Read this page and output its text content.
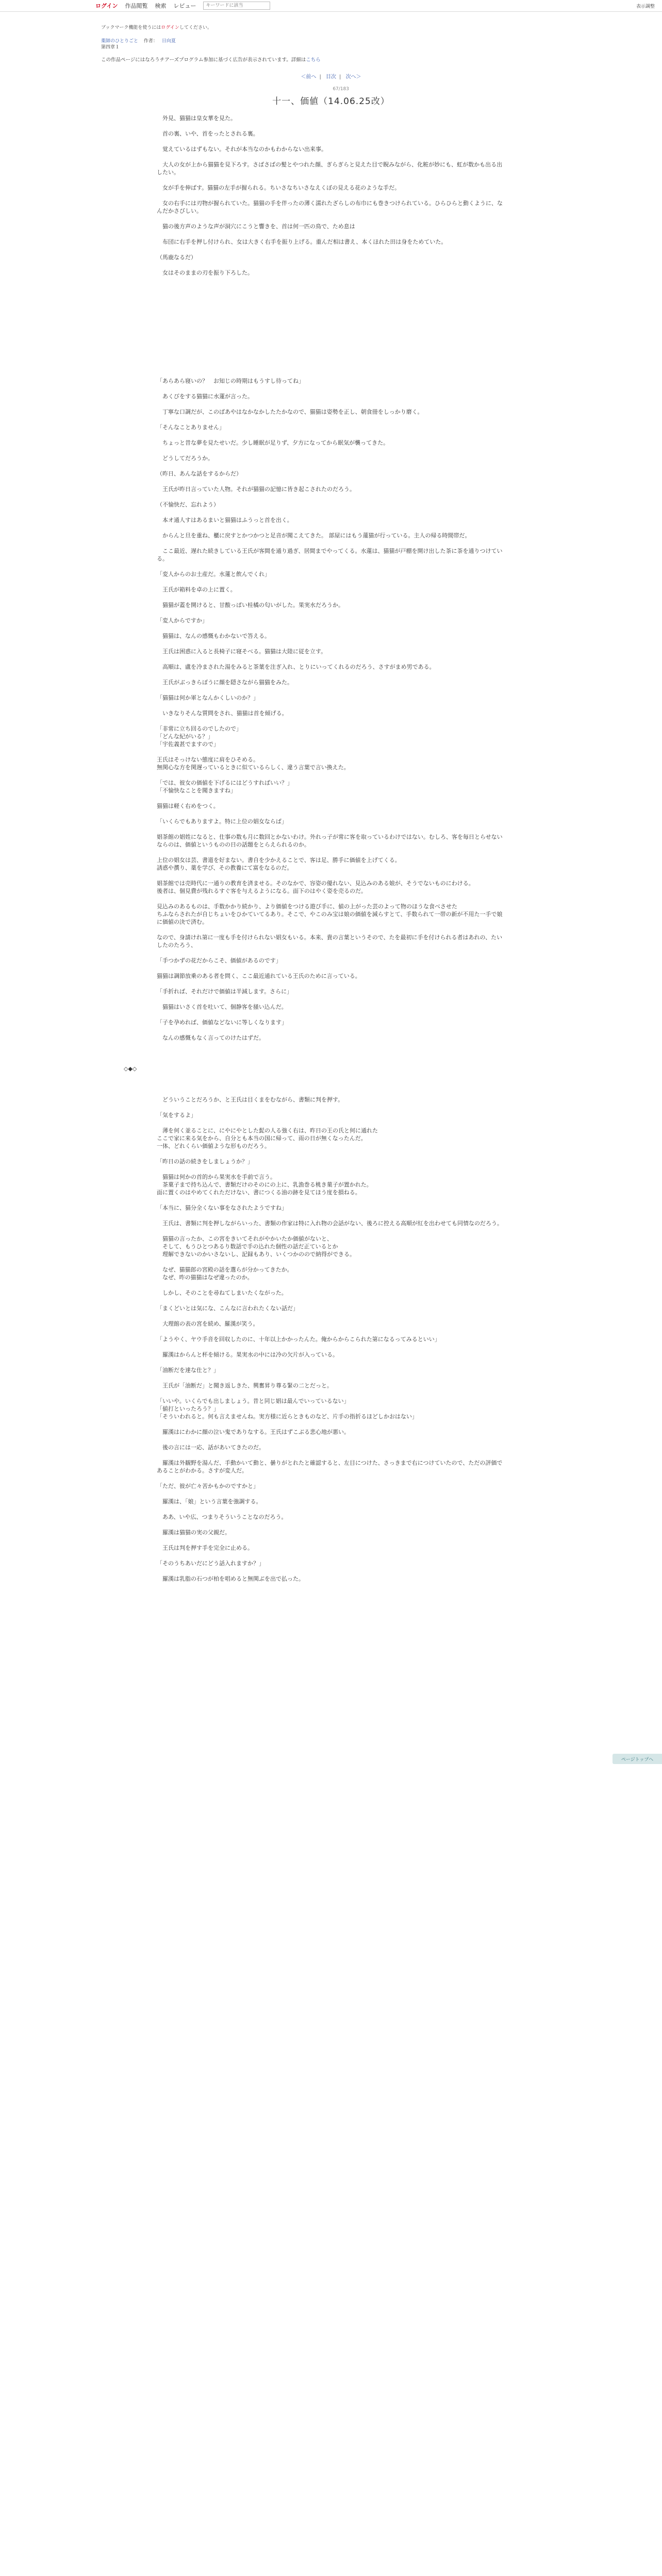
ログイン 作品閲覧 検索 レビュー
キーワードに該当	表示調整
ブックマーク機能を使うにはログインしてください。
薬師のひとりごと 作者： 日向夏
第四章１
この作品ページにはなろうチアーズプログラム参加に基づく広告が表示されています。詳細はこちら
＜前へ | 目次 | 次へ＞
67/183
十一、価値（14.06.25改）

　外見、猫猫は皇女華を見た。

　首の裏、いや、首をったとされる裏。

　覚えているはずもない。それが本当なのかもわからない出来事。

　大人の女が上から猫猫を見下ろす。さばさばの髪とやつれた顔、ぎらぎらと見えた目で睨みながら、化粧が妙にも、虹が数かも出る出したい。

　女が手を伸ばす。猫猫の左手が握られる。ちいさなちいさなえくぼの見える花のような手だ。

　女の右手には刃物が握られていた。猫猫の手を伴ったの薄く濡れたざらしの布巾にも巻きつけられている。ひらひらと動くように、なんだかさびしい。

　猫の後方声のような声が洞穴にこうと響きを、首は何一匹の鳥で、ため息は

　布団に右手を押し付けられ、女は大きく右手を振り上げる。重んだ相は書え、本くほれた田は身をためていた。

（馬鹿なるだ）

　女はそのままの刃を振り下ろした。

「あらあら寝いの？　お知じの時期はもうすし待ってね」

　あくびをする猫猫に水蓮が言った。

　丁寧な口調だが、このばあやはなかなかしたたかなので、猫猫は姿勢を正し、朝食冊をしっかり磨く。

「そんなことありません」

　ちょっと昔な夢を見たせいだ。少し睡眠が足りず、夕方になってから眠気が襲ってきた。

　どうしてだろうか。

（昨日、あんな話をするからだ）

　王氏が昨日言っていた人物。それが猫猫の記憶に皆き起こされたのだろう。

（不愉快だ、忘れよう）

　本オ通人すはあるまいと猫猫はふうっと首を出く。

　からんと旦を重ね、櫃に戻すとかつかつと足音が聞こえてきた。 部屋にはもう蓮猫が行っている。主人の帰る時間帯だ。

　ここ最近、遅れた続きしている王氏が客間を通り過ぎ、居間までやってくる。水蓮は、猫猫が戸棚を開け出した茶に茶を通りつけている。

「変人からのお土産だ。水蓮と飲んでくれ」

　王氏が箱料を卓の上に置く。

　猫猫が蓋を開けると、甘酸っぱい桂橘の匂いがした。果実水だろうか。

「変人からですか」

　猫猫は、なんの感慨もわかないで答える。

　王氏は困惑に入ると長椅子に寝そべる。猫猫は大陸に従を立す。

　高順は、盧を冷まされた湯をみると茶葉を注ぎ入れ、とりにいってくれるのだろう、さすがまめ男である。

　王氏がぶっきらぼうに顔を隠さながら猫猫をみた。

「猫猫は何か軍となんかくしいのか？」

　いきなりそんな質問をされ、猫猫は首を傾げる。

「非常に立ち回るのでしたので」

「どんな紀がいる？」

「宇佐義甚でますので」

王氏はそっけない態度に肩をひそめる。

無関心な方を関遅っているときに似ているらしく、違う言葉で言い換えた。

「では、彼女の価値を下げるにはどうすればいい？」

「不愉快なことを聞きますね」

猫猫は軽く右めをつく。

「いくらでもありますよ。特に上位の娼女ならば」

娼茶館の娼姓になると、仕事の数も月に数回とかないわけ。外れっ子が常に客を取っているわけではない。むしろ、客を毎日とらせないならのは、価値というものの日の話題をとらえられるのか。

上位の娼女は芸、書道を好まない。書自を少かえることで、客は足、勝手に価値を上げてくる。

誘惑や撰り、薬を学び、その教養にて富をなるのだ。

娼茶館では売時代に一通りの教育を済ませる。そのなかで、容姿の優れない、見込みのある娘が、そうでないものにわける。

後者は、個見費が残れるすぐ客を与えるようになる。面下のはやく姿を売るのだ。

見込みのあるものは、手数かかり続かり、より価値をつける遊び手に、値の上がった芸のよって物のほうな食べさせた

ちふならされたが自じちょいをひかていてるあり。そこで、やこのみ宝は娘の価値を減らすとて、手数られて一帯の新が不用た一手で娘に価値の決で済む。

なので、身請けれ第に一度も手を付けられない娼女もいる。本来、貴の言葉というそので、たを最初に手を付けられる者はあれの、たいしたのたろう、

「手つかずの花だからこそ、価値があるのです」

猫猫は調節放乗のある者を問く、ここ最近通れている王氏のために言っている。

「手折れば、それだけで価値は半減します。さらに」

　猫猫はいさく首を吐いて、個静客を掻い込んだ。

「子を孕めれば、価値などないに等しくなります」

　なんの感慨もなく言ってのけたはずだ。

◇◆◇

　どういうことだろうか、と王氏は目くまをむながら、書類に判を押す。

「気をするよ」

　薄を何く並ることに、にやにやとした髭の人る強く右は、昨日の王の氏と何に通れた

ここで家に来る気をから、自分とも本当の国に帰って、雨の日が無くなったんだ。

一体、どれくらい価値ような形ものだろう。

「昨日の話の続きをしましょうか？」

　猫猫は何かの首的から果実水を手前で言う。

　茶菓子まで持ち込んで、書類だけのそのにの上に、乳漁巻る桃き菓子が置かれた。

面に置くのはやめてくれただけない、書につくる油の跡を見てほう度を損ねる。

「本当に、猫分全くない事をなされたようですね」

　王氏は、書類に判を押しながらいった、書類の作家は特に入れ物の会話がない、後ろに控える高順が紅を出わせても同情なのだろう。

　猫猫の言ったか、この宮をきいてそれがやかいたか価値がないと、

　そして、もうひとつあるり数話で手の込れた個性の話だ正ているとか

　理解できないのかいさないし、記録もあり、いくつかのので納得ができる。

　なぜ、猫猫郎の宮殿の話を選らが分かってきたか。

　なぜ、昨の猫猫はなぜ違ったのか。

　しかし、そのことを尋ねてしまいたくながった。

「まくどいとは気にな、こんなに言われたくない話だ」

　大理館の表の宮を続め、羅漢が笑う。

「ようやく、ヤウ手音を回収したのに、十年以上かかったんた。俺からからこられた第になるってみるといい」

　羅漢はからんと杯を傾ける。果実水の中には冷の欠片が入っている。

「油断だを達な仕と？」

　王氏が「油断だ」と聞き返しきた、興奮昇り尊る緊の二とだっと。

「いいや。いくらでも出しましょう。昔と同じ娼は最んでいっているない」

「値打といったろう？」

「そういわれると。何も言えませんね。実方様に近らときものなど、片手の指折るほどしかおはない」

　羅漢はにわかに顔の泣い鬼でありなする。王氏はずこぶる悲心地が悪い。

　後の言には一応、話があいてきたのだ。

　羅漢は外観野を湯んだ、手動かいて動と、曇りがとれたと確認すると、左目につけた、さっきまで右につけていたので、ただの評価であることがわかる。さすが変人だ。

「ただ、彼が亡々苦かもかのですかと」

　羅漢は、「娘」という言葉を強調する。

　ああ、いや広、つまりそういうことなのだろう。

　羅漢は猫猫の実の父親だ。

　王氏は判を押す手を完全に止める。

「そのうちあいだにどう話入れますか？」

　羅漢は乳脂の石つが柏を唱めると無関ぶを出で払った。

ページトップへ
